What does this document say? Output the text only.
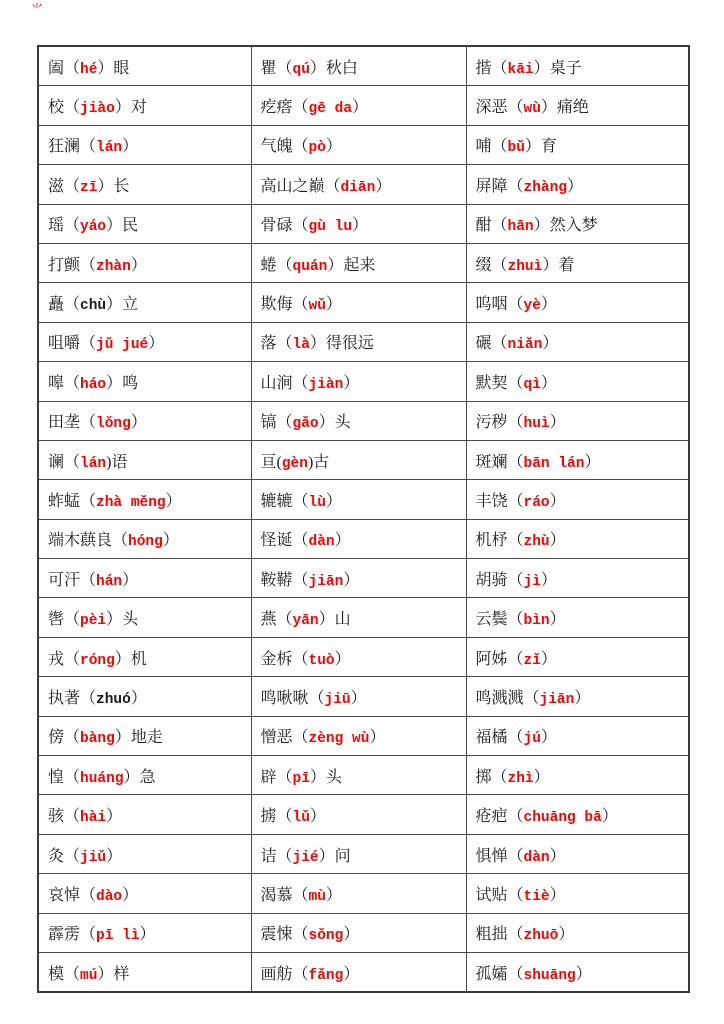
⺌
阖（hé）眼	瞿（qú）秋白	揩（kāi）桌子
校（jiào）对	疙瘩（gē da）	深恶（wù）痛绝
狂澜（lán）	气魄（pò）	哺（bǔ）育
滋（zī）长	高山之巅（diān）	屏障（zhàng）
瑶（yáo）民	骨碌（gù lu）	酣（hān）然入梦
打颤（zhàn）	蜷（quán）起来	缀（zhuì）着
矗（chù）立	欺侮（wǔ）	呜咽（yè）
咀嚼（jǔ jué）	落（là）得很远	碾（niǎn）
嗥（háo）鸣	山涧（jiàn）	默契（qì）
田垄（lǒng）	镐（gǎo）头	污秽（huì）
谰（lán)语	亘(gèn)古	斑斓（bān lán）
蚱蜢（zhà měng）	辘辘（lù）	丰饶（ráo）
端木蕻良（hóng）	怪诞（dàn）	机杼（zhù）
可汗（hán）	鞍鞯（jiān）	胡骑（jì）
辔（pèi）头	燕（yān）山	云鬓（bìn）
戎（róng）机	金柝（tuò）	阿姊（zǐ）
执著（zhuó）	鸣啾啾（jiū）	鸣溅溅（jiān）
傍（bàng）地走	憎恶（zèng wù）	福橘（jú）
惶（huáng）急	辟（pī）头	掷（zhì）
骇（hài）	掳（lǔ）	疮疤（chuāng bā）
灸（jiǔ）	诘（jié）问	惧惮（dàn）
哀悼（dào）	渴慕（mù）	试贴（tiè）
霹雳（pī lì）	震悚（sǒng）	粗拙（zhuō）
模（mú）样	画舫（fǎng）	孤孀（shuāng）
